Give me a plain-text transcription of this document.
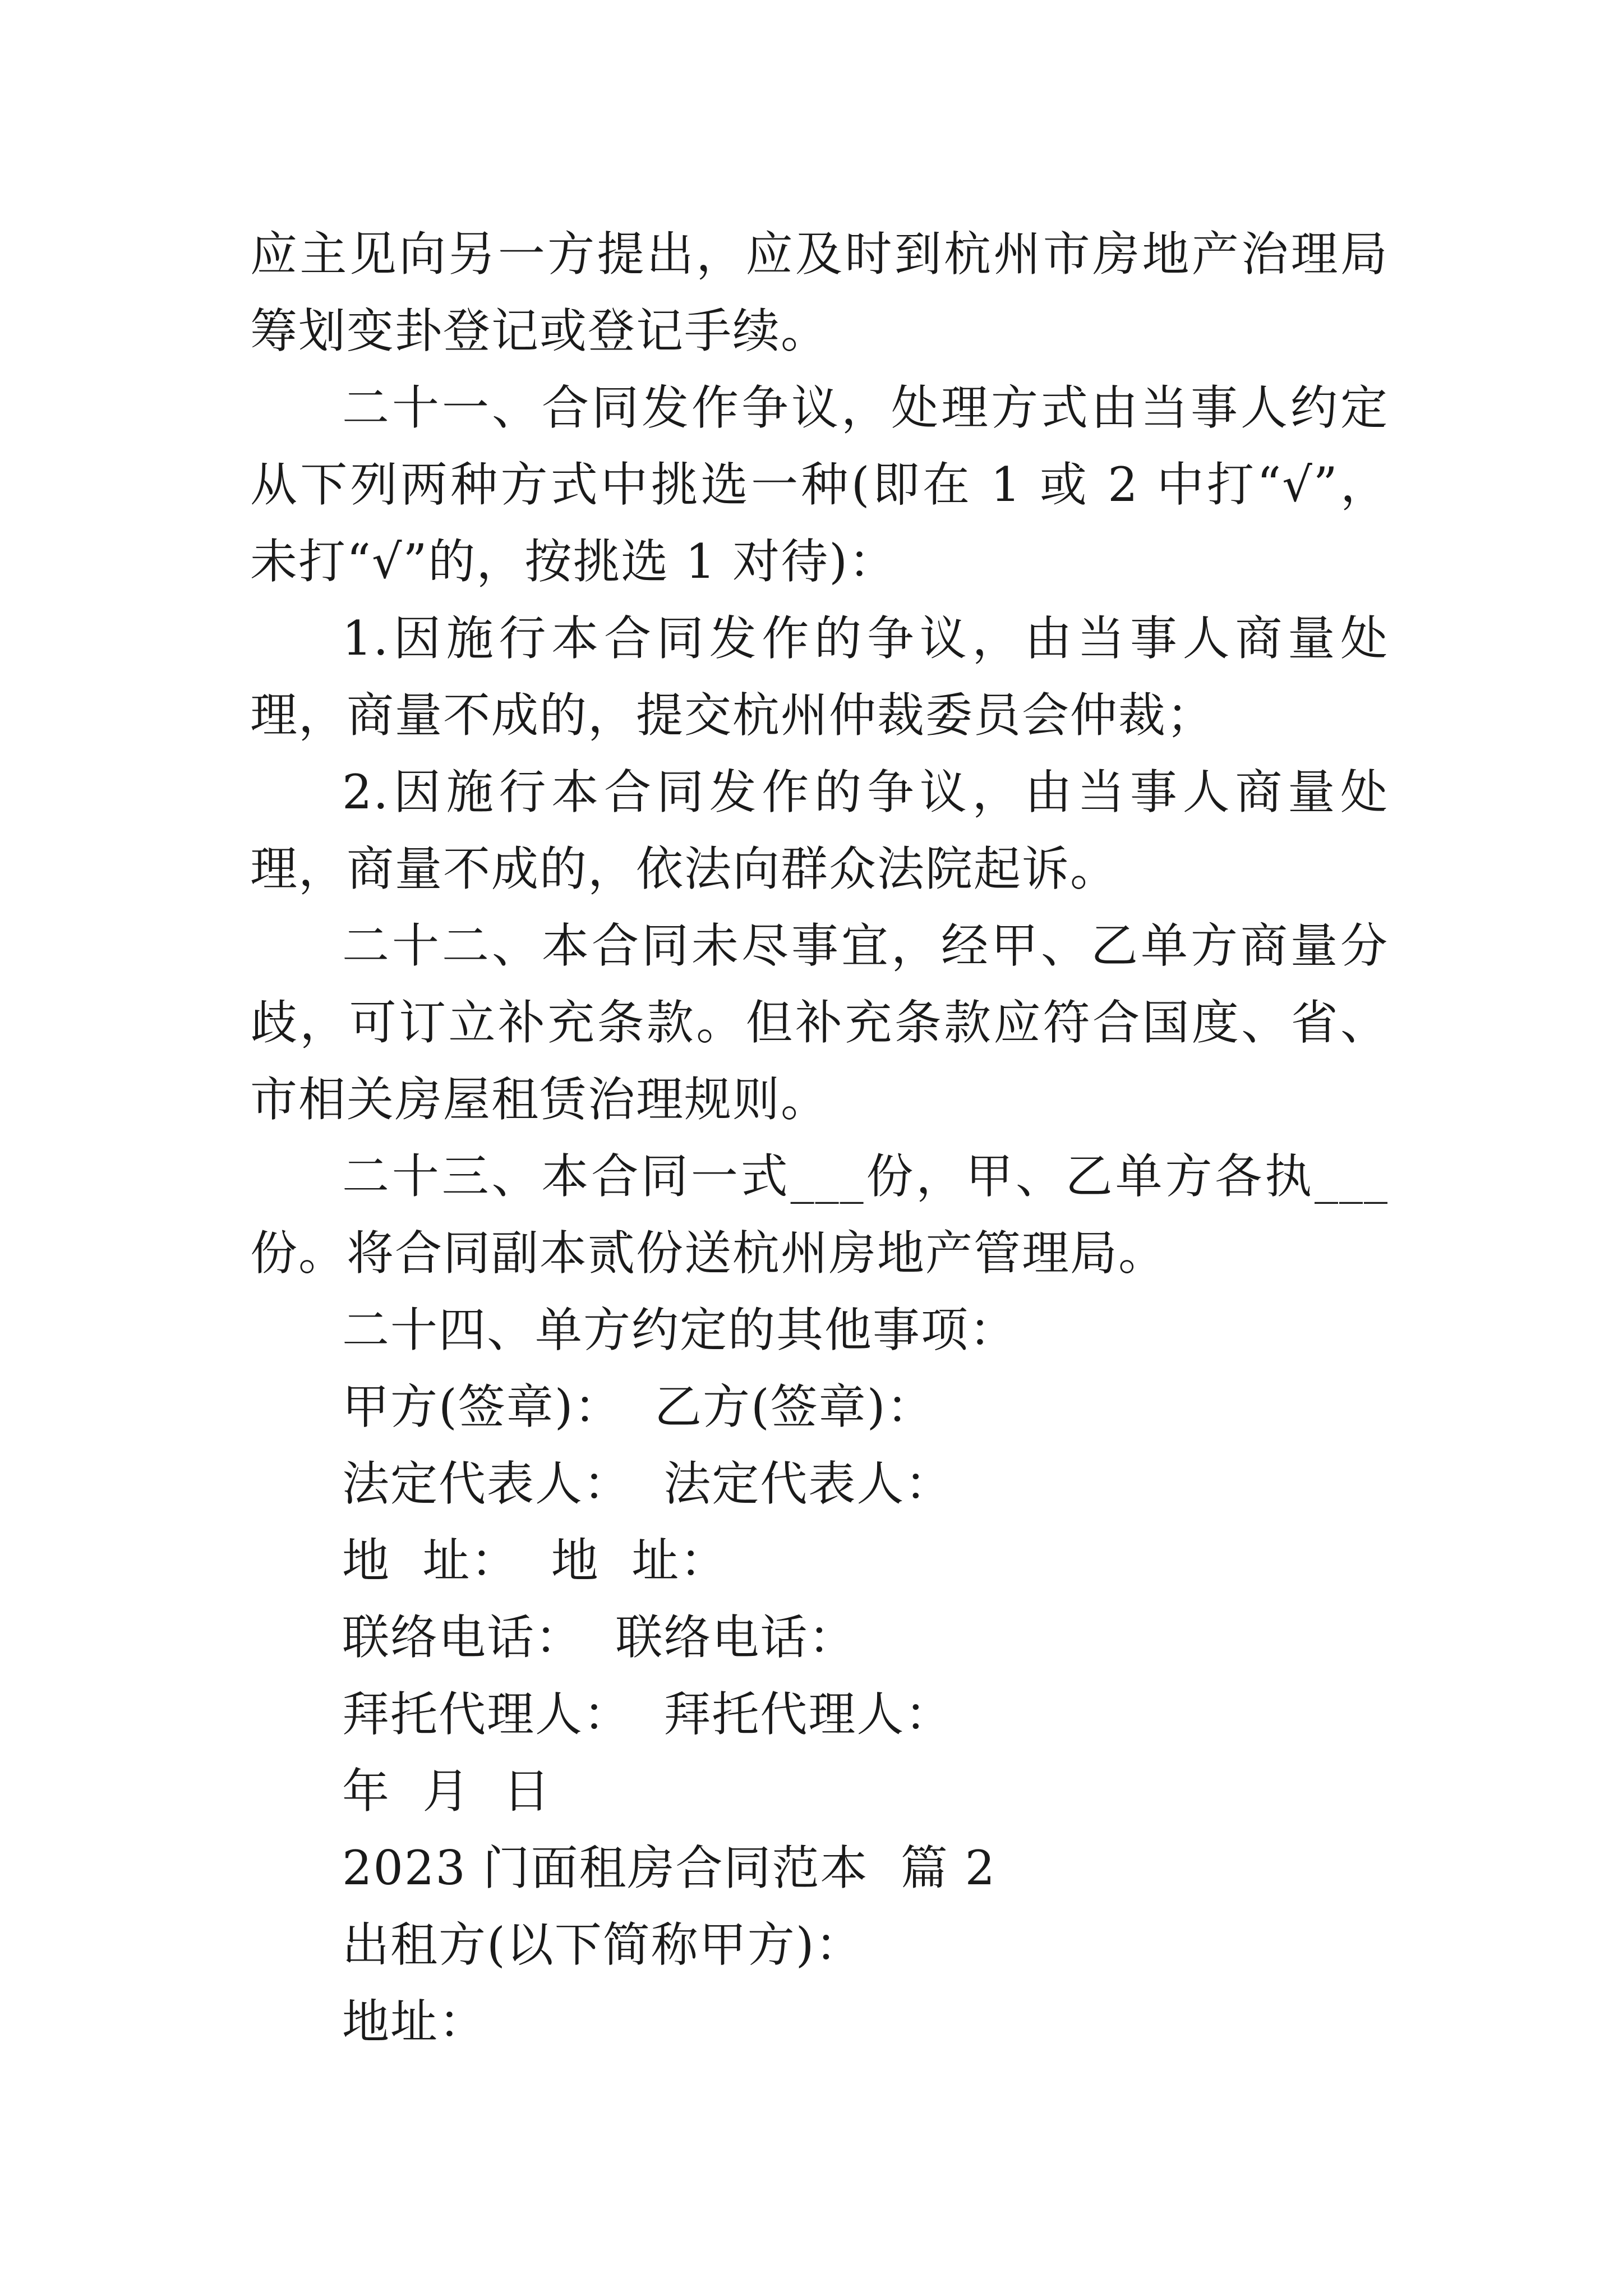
应主见向另一方提出，应及时到杭州市房地产治理局筹划变卦登记或登记手续。

二十一、合同发作争议，处理方式由当事人约定从下列两种方式中挑选一种(即在 1 或 2 中打“√”，未打“√”的，按挑选 1 对待)：

1.因施行本合同发作的争议，由当事人商量处理，商量不成的，提交杭州仲裁委员会仲裁；

2.因施行本合同发作的争议，由当事人商量处理，商量不成的，依法向群众法院起诉。

二十二、本合同未尽事宜，经甲、乙单方商量分歧，可订立补充条款。但补充条款应符合国度、省、市相关房屋租赁治理规则。

二十三、本合同一式___份，甲、乙单方各执___份。将合同副本贰份送杭州房地产管理局。

二十四、单方约定的其他事项：

甲方(签章)：  乙方(签章)：

法定代表人：  法定代表人：

地  址：  地  址：

联络电话：  联络电话：

拜托代理人：  拜托代理人：

年  月  日

2023 门面租房合同范本  篇 2

出租方(以下简称甲方)：

地址：
